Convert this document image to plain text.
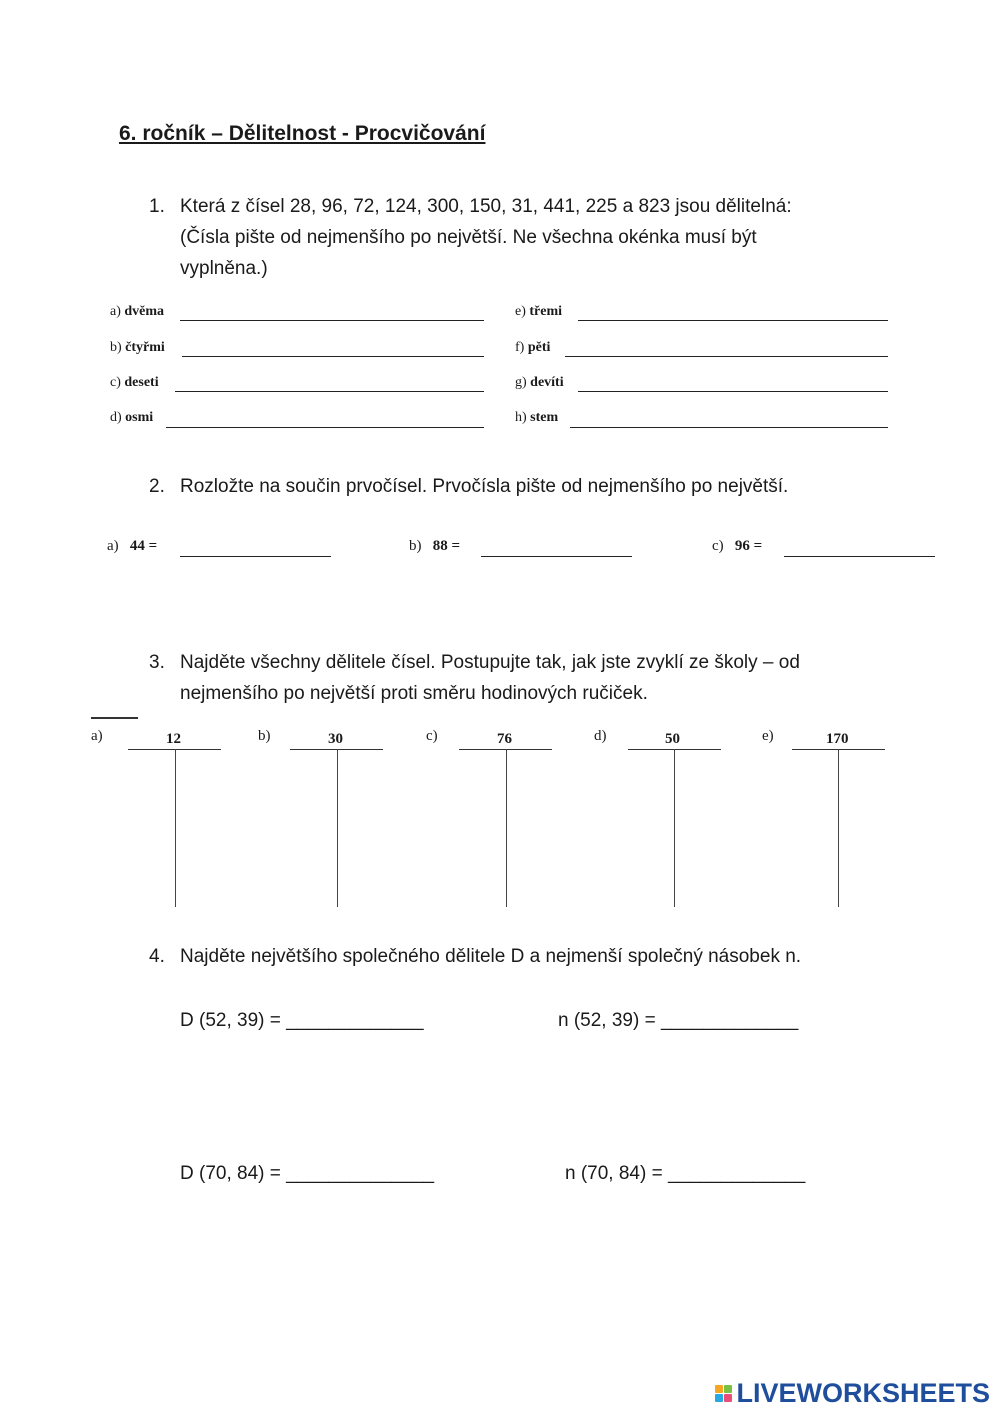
6. ročník – Dělitelnost - Procvičování
1. Která z čísel 28, 96, 72, 124, 300, 150, 31, 441, 225 a 823 jsou dělitelná:
(Čísla pište od nejmenšího po největší. Ne všechna okénka musí být
vyplněna.)
a) dvěma
b) čtyřmi
c) deseti
d) osmi
e) třemi
f) pěti
g) devíti
h) stem
2. Rozložte na součin prvočísel. Prvočísla pište od nejmenšího po největší.
a) 44 =	b) 88 =	c) 96 =
3. Najděte všechny dělitele čísel. Postupujte tak, jak jste zvyklí ze školy – od
nejmenšího po největší proti směru hodinových ručiček.
a)	12	b)	30	c)	76	d)	50	e)	170
4. Najděte největšího společného dělitele D a nejmenší společný násobek n.
D (52, 39) = _____________	n (52, 39) = _____________
D (70, 84) = ______________	n (70, 84) = _____________
LIVEWORKSHEETS
